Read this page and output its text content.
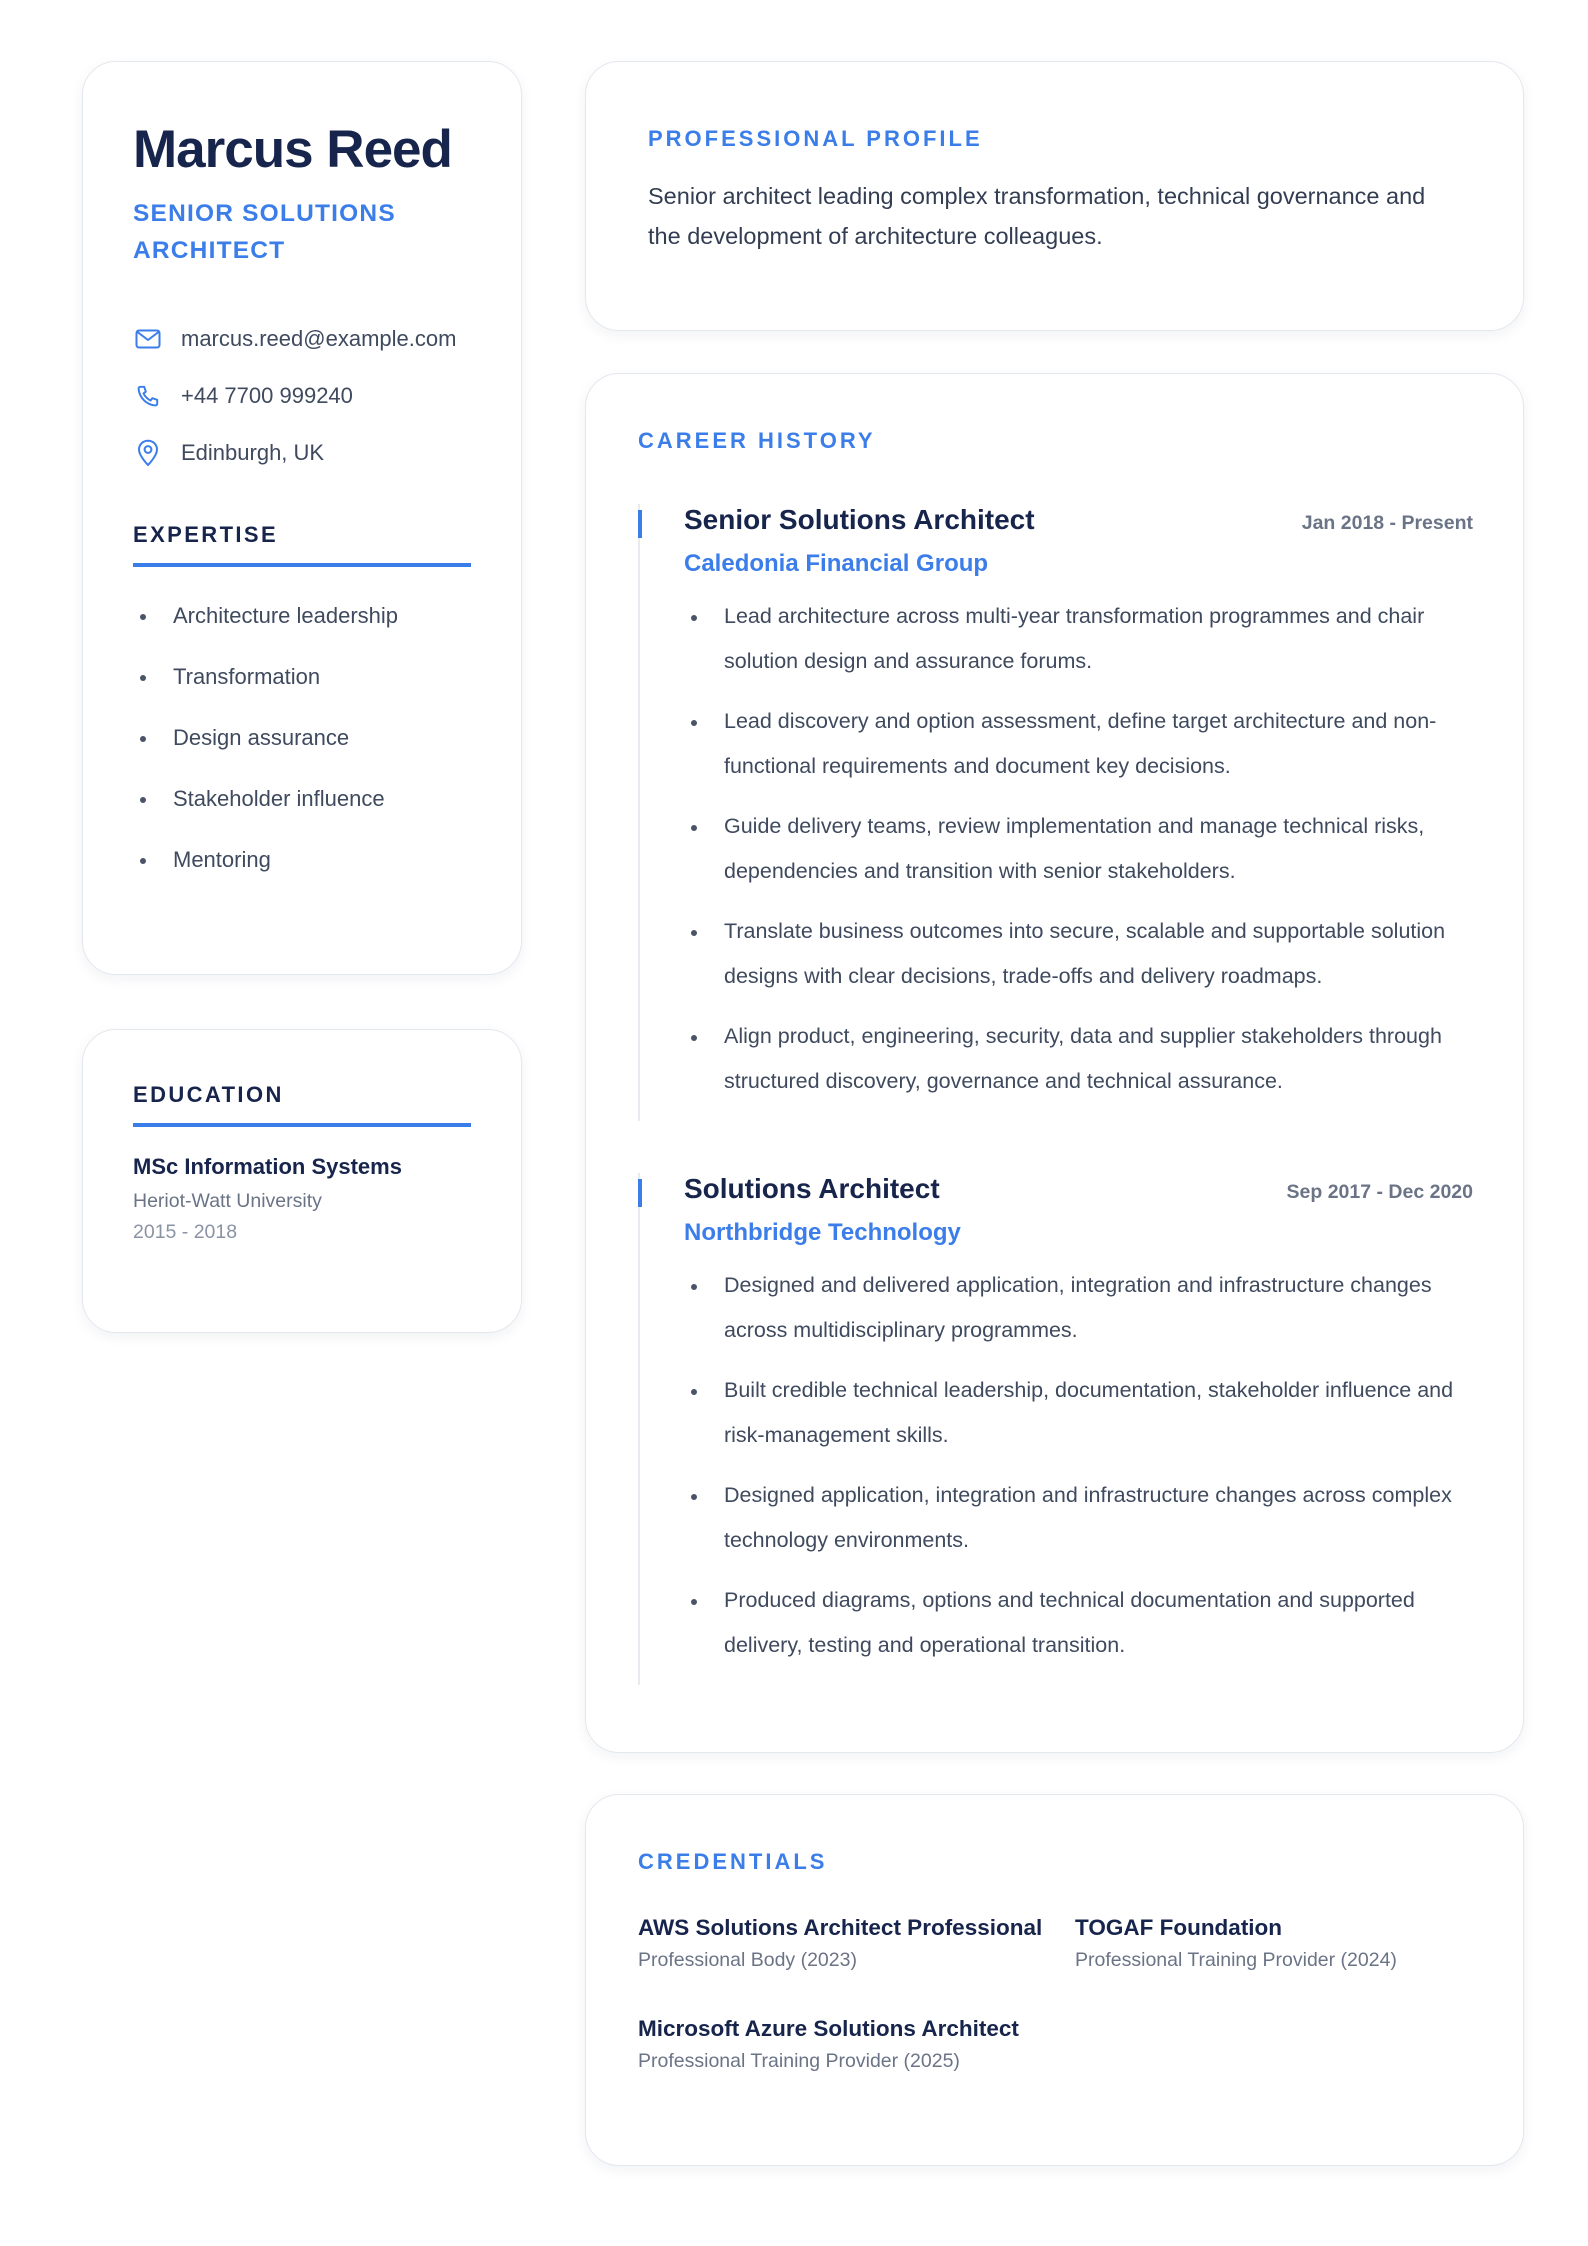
Marcus Reed
SENIOR SOLUTIONS ARCHITECT
marcus.reed@example.com
+44 7700 999240
Edinburgh, UK
EXPERTISE
Architecture leadership
Transformation
Design assurance
Stakeholder influence
Mentoring
EDUCATION
MSc Information Systems
Heriot-Watt University
2015 - 2018
PROFESSIONAL PROFILE
Senior architect leading complex transformation, technical governance and the development of architecture colleagues.
CAREER HISTORY
Senior Solutions Architect	Jan 2018 - Present
Caledonia Financial Group
Lead architecture across multi-year transformation programmes and chair solution design and assurance forums.
Lead discovery and option assessment, define target architecture and non-functional requirements and document key decisions.
Guide delivery teams, review implementation and manage technical risks, dependencies and transition with senior stakeholders.
Translate business outcomes into secure, scalable and supportable solution designs with clear decisions, trade-offs and delivery roadmaps.
Align product, engineering, security, data and supplier stakeholders through structured discovery, governance and technical assurance.
Solutions Architect	Sep 2017 - Dec 2020
Northbridge Technology
Designed and delivered application, integration and infrastructure changes across multidisciplinary programmes.
Built credible technical leadership, documentation, stakeholder influence and risk-management skills.
Designed application, integration and infrastructure changes across complex technology environments.
Produced diagrams, options and technical documentation and supported delivery, testing and operational transition.
CREDENTIALS
AWS Solutions Architect Professional
Professional Body (2023)
TOGAF Foundation
Professional Training Provider (2024)
Microsoft Azure Solutions Architect
Professional Training Provider (2025)
